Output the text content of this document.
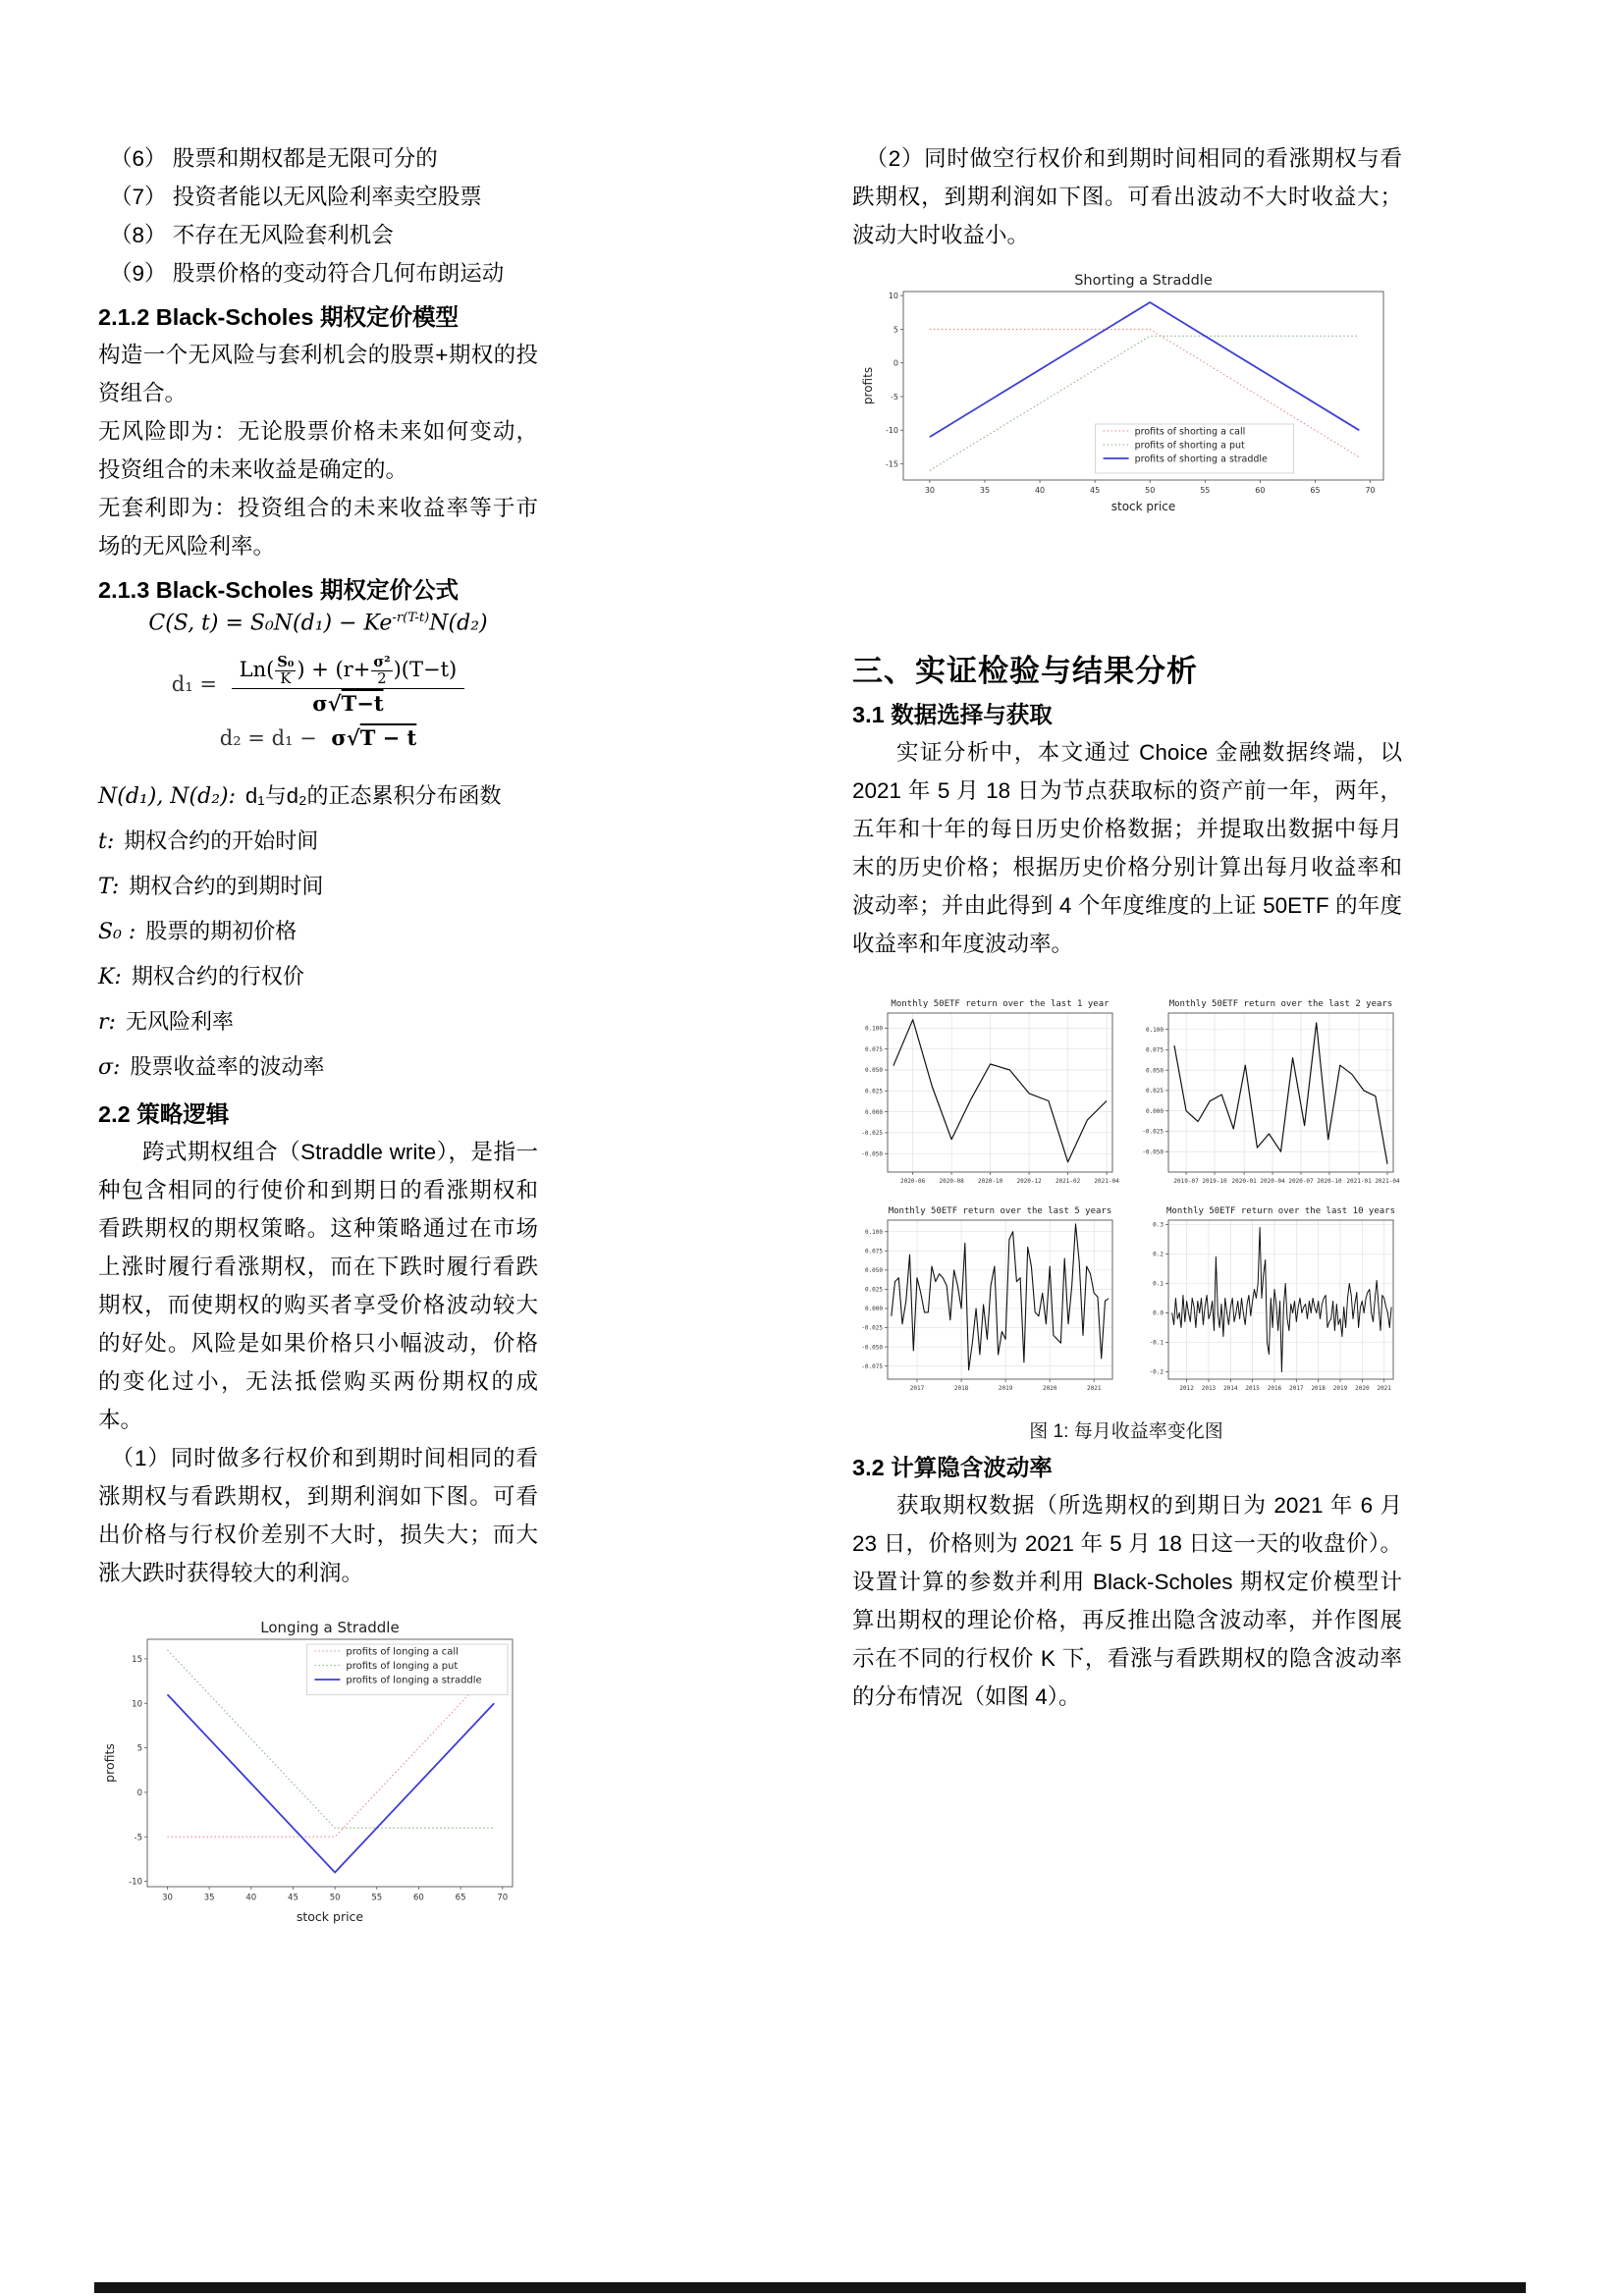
（6） 股票和期权都是无限可分的
（7） 投资者能以无风险利率卖空股票
（8） 不存在无风险套利机会
（9） 股票价格的变动符合几何布朗运动
2.1.2 Black-Scholes 期权定价模型

构造一个无风险与套利机会的股票+期权的投资组合。

无风险即为：无论股票价格未来如何变动，投资组合的未来收益是确定的。

无套利即为：投资组合的未来收益率等于市场的无风险利率。

2.1.3 Black-Scholes 期权定价公式
C(S, $t) = S_0N(d_1) - Ke^{-r(T-t)}N(d_2)$
$d_1 = \frac{Ln( \frac{\text{S₀}}{K} ) + (r+ \frac{\text{σ²}}{2} )(T-t)}{\sigma√T-t}$
d₂ = d₁ − σ√T − t
N(d₁), N(d₂): d₁与d₂的正态累积分布函数
t: 期权合约的开始时间
T: 期权合约的到期时间
S₀ : 股票的期初价格
K: 期权合约的行权价
r: 无风险利率
σ: 股票收益率的波动率
2.2 策略逻辑

跨式期权组合（Straddle write），是指一种包含相同的行使价和到期日的看涨期权和看跌期权的期权策略。这种策略通过在市场上涨时履行看涨期权，而在下跌时履行看跌期权，而使期权的购买者享受价格波动较大的好处。风险是如果价格只小幅波动，价格的变化过小，无法抵偿购买两份期权的成本。

（1）同时做多行权价和到期时间相同的看涨期权与看跌期权，到期利润如下图。可看出价格与行权价差别不大时，损失大；而大涨大跌时获得较大的利润。

30	35	40	45	50	55	60	65	70
15
10
5
0
-5
-10
Longing a Straddle
stock price
profits
profits of longing a call
profits of longing a put
profits of longing a straddle

（2）同时做空行权价和到期时间相同的看涨期权与看跌期权，到期利润如下图。可看出波动不大时收益大；波动大时收益小。

30	35	40	45	50	55	60	65	70
10
5
0
-5
-10
-15
Shorting a Straddle
stock price
profits
profits of shorting a call
profits of shorting a put
profits of shorting a straddle
三、实证检验与结果分析
3.1 数据选择与获取

实证分析中，本文通过 Choice 金融数据终端，以 2021 年 5 月 18 日为节点获取标的资产前一年，两年，五年和十年的每日历史价格数据；并提取出数据中每月末的历史价格；根据历史价格分别计算出每月收益率和波动率；并由此得到 4 个年度维度的上证 50ETF 的年度收益率和年度波动率。

2020-06 2020-08 2020-10 2020-12 2021-02 2021-04
0.100
0.075
0.050
0.025
0.000
-0.025
-0.050
Monthly 50ETF return over the last 1 year
2019-07 2019-10 2020-01 2020-04 2020-07 2020-10 2021-01 2021-04
0.100
0.075
0.050
0.025
0.000
-0.025
-0.050
Monthly 50ETF return over the last 2 years
2017	2018	2019	2020	2021
0.100
0.075
0.050
0.025
0.000
-0.025
-0.050
-0.075
Monthly 50ETF return over the last 5 years
2012 2013 2014 2015 2016 2017 2018 2019 2020 2021
0.3
0.2
0.1
0.0
-0.1
-0.2
Monthly 50ETF return over the last 10 years
图 1: 每月收益率变化图
3.2 计算隐含波动率

获取期权数据（所选期权的到期日为 2021 年 6 月 23 日，价格则为 2021 年 5 月 18 日这一天的收盘价）。设置计算的参数并利用 Black-Scholes 期权定价模型计算出期权的理论价格，再反推出隐含波动率，并作图展示在不同的行权价 K 下，看涨与看跌期权的隐含波动率的分布情况（如图 4）。
